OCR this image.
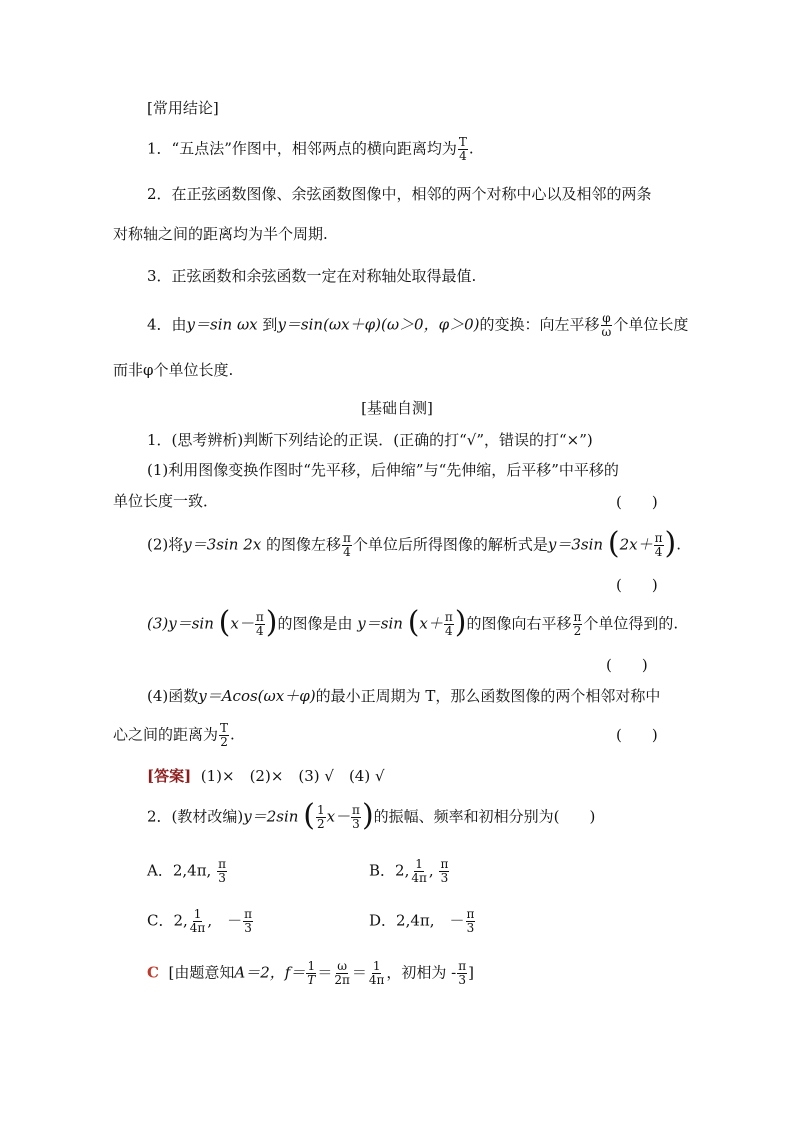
[常用结论]
1．“五点法”作图中，相邻两点的横向距离均为 $\frac{T}{4}$ .
2．在正弦函数图像、余弦函数图像中，相邻的两个对称中心以及相邻的两条
对称轴之间的距离均为半个周期.
3．正弦函数和余弦函数一定在对称轴处取得最值.
4．由y＝sin ωx 到y＝sin(ωx＋φ)(ω＞0，φ＞0)的变换：向左平移 $\frac{\varphi}{\omega}$ 个单位长度
而非φ个单位长度.
[基础自测]
1．(思考辨析)判断下列结论的正误．(正确的打“√”，错误的打“×”)
(1)利用图像变换作图时“先平移，后伸缩”与“先伸缩，后平移”中平移的
单位长度一致．	(　　)
(2)将y＝3sin 2x 的图像左移 $\frac{\pi}{4}$ 个单位后所得图像的解析式是y＝3sin ($2x+ \frac{\pi}{4}$ ).
(　　)
(3)y＝sin ($x- \frac{\pi}{4}$ )的图像是由 y＝sin ($x+ \frac{\pi}{4}$ )的图像向右平移 $\frac{\pi}{2}$ 个单位得到的.
(　　)
(4)函数y＝Acos(ωx＋φ)的最小正周期为 T，那么函数图像的两个相邻对称中
心之间的距离为 $\frac{T}{2}$ .	(　　)
[答案] (1)×　(2)×　(3) √　(4) √
2．(教材改编)y＝2sin ( $\frac{1}{2} x- \frac{\pi}{3}$ )的振幅、频率和初相分别为(　　)
A．2,4π, $\frac{\pi}{3}$	B．2, $\frac{1}{4\pi}$ , $\frac{\pi}{3}$
C．2, $\frac{1}{4\pi}$ ,　－ $\frac{\pi}{3}$	D．2,4π,　－ $\frac{\pi}{3}$
C [由题意知A＝2，$f= \frac{1}{T} = \frac{\omega}{2\pi} = \frac{1}{4\pi}$ ，初相为 - $\frac{\pi}{3}$ ]
